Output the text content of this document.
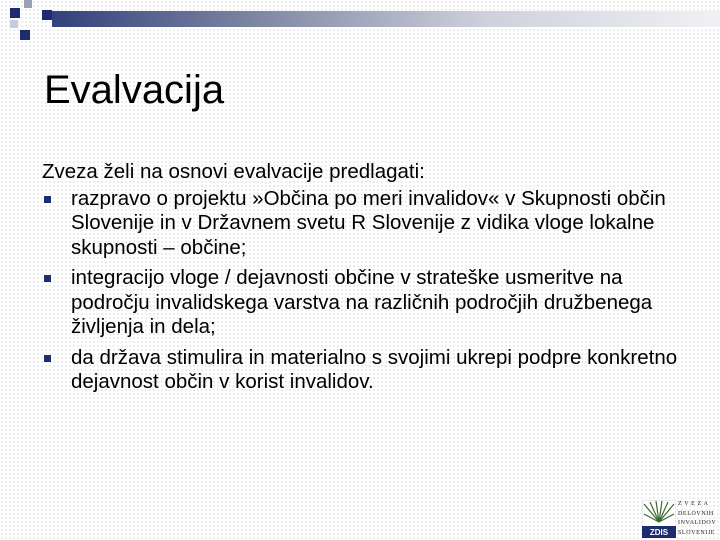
Evalvacija

Zveza želi na osnovi evalvacije predlagati:

razpravo o projektu »Občina po meri invalidov« v Skupnosti občin Slovenije in v Državnem svetu R Slovenije z vidika vloge lokalne skupnosti – občine;
integracijo vloge / dejavnosti občine v strateške usmeritve na področju invalidskega varstva na različnih področjih družbenega življenja in dela;
da država stimulira in materialno s svojimi ukrepi podpre konkretno dejavnost občin v korist invalidov.
ZDIS
Z V E Z A
DELOVNIH
INVALIDOV
SLOVENIJE
